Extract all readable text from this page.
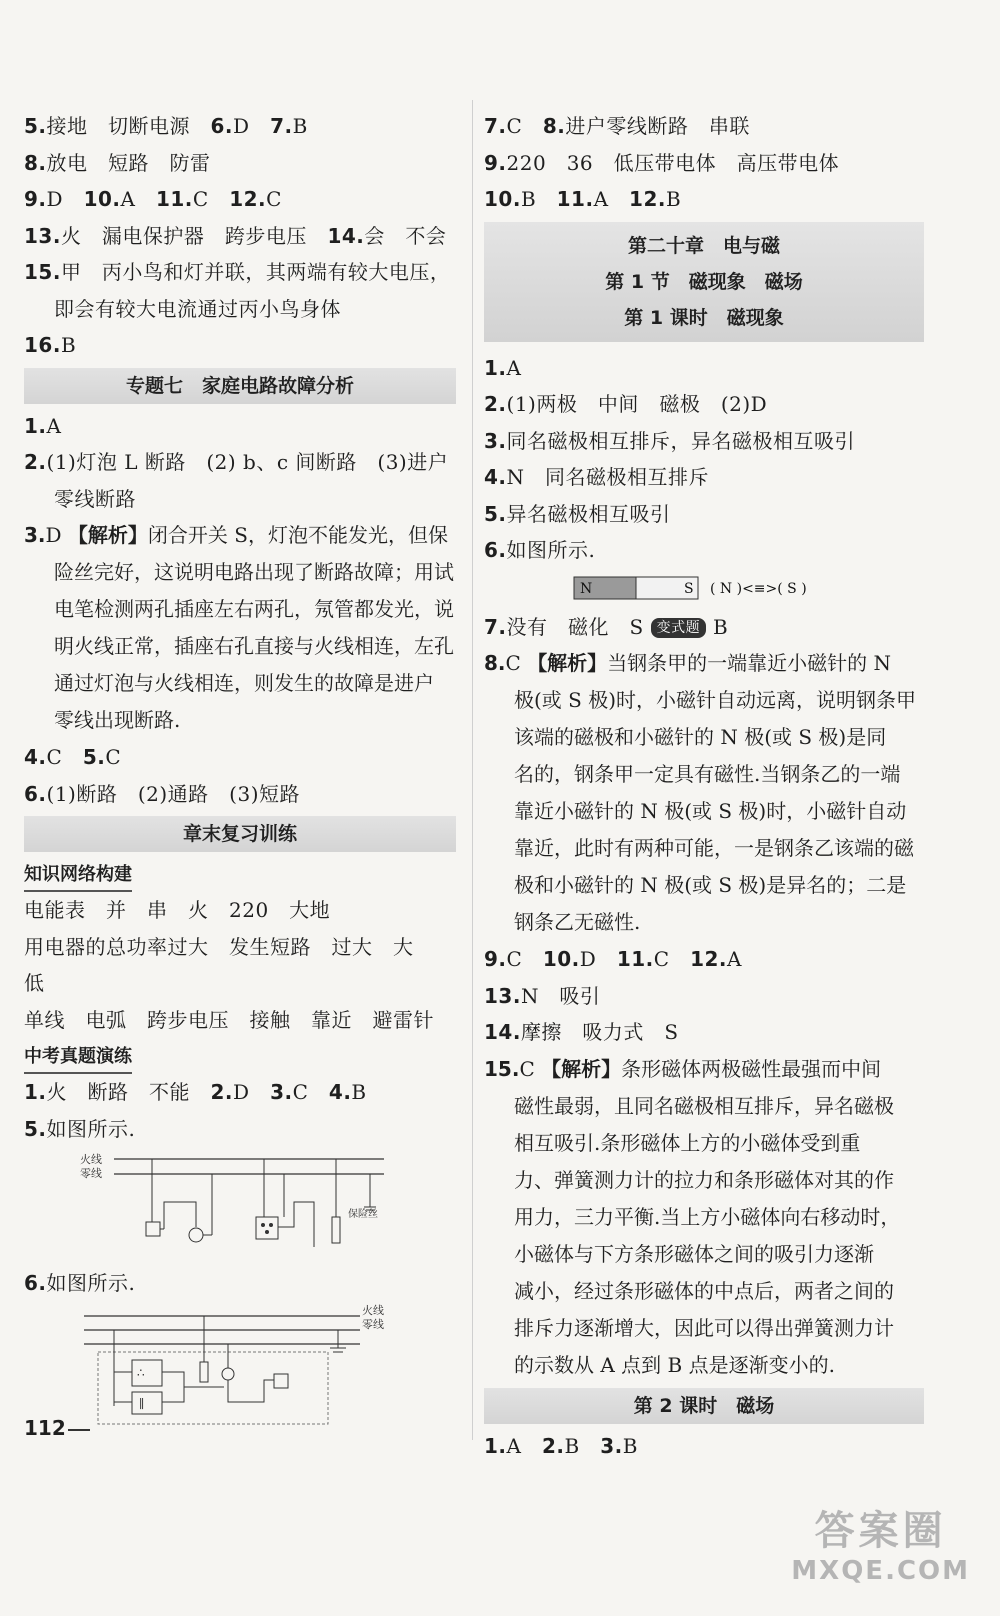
5.接地　切断电源　6.D　7.B
8.放电　短路　防雷
9.D　10.A　11.C　12.C
13.火　漏电保护器　跨步电压　14.会　不会
15.甲　丙小鸟和灯并联，其两端有较大电压，
即会有较大电流通过丙小鸟身体
16.B
专题七　家庭电路故障分析
1.A
2.(1)灯泡 L 断路　(2) b、c 间断路　(3)进户
零线断路
3.D 【解析】闭合开关 S，灯泡不能发光，但保
险丝完好，这说明电路出现了断路故障；用试
电笔检测两孔插座左右两孔，氖管都发光，说
明火线正常，插座右孔直接与火线相连，左孔
通过灯泡与火线相连，则发生的故障是进户
零线出现断路.
4.C　5.C
6.(1)断路　(2)通路　(3)短路
章末复习训练
知识网络构建
电能表　并　串　火　220　大地
用电器的总功率过大　发生短路　过大　大
低
单线　电弧　跨步电压　接触　靠近　避雷针
中考真题演练
1.火　断路　不能　2.D　3.C　4.B
5.如图所示.
火线
零线
保险丝
6.如图所示.
火线
零线
∴
∥
7.C　8.进户零线断路　串联
9.220　36　低压带电体　高压带电体
10.B　11.A　12.B
第二十章　电与磁
第 1 节　磁现象　磁场
第 1 课时　磁现象
1.A
2.(1)两极　中间　磁极　(2)D
3.同名磁极相互排斥，异名磁极相互吸引
4.N　同名磁极相互排斥
5.异名磁极相互吸引
6.如图所示.
N	S ( N )<≡>( S )
7.没有　磁化　S 变式题 B
8.C 【解析】当钢条甲的一端靠近小磁针的 N
极(或 S 极)时，小磁针自动远离，说明钢条甲
该端的磁极和小磁针的 N 极(或 S 极)是同
名的，钢条甲一定具有磁性.当钢条乙的一端
靠近小磁针的 N 极(或 S 极)时，小磁针自动
靠近，此时有两种可能，一是钢条乙该端的磁
极和小磁针的 N 极(或 S 极)是异名的；二是
钢条乙无磁性.
9.C　10.D　11.C　12.A
13.N　吸引
14.摩擦　吸力式　S
15.C 【解析】条形磁体两极磁性最强而中间
磁性最弱，且同名磁极相互排斥，异名磁极
相互吸引.条形磁体上方的小磁体受到重
力、弹簧测力计的拉力和条形磁体对其的作
用力，三力平衡.当上方小磁体向右移动时，
小磁体与下方条形磁体之间的吸引力逐渐
减小，经过条形磁体的中点后，两者之间的
排斥力逐渐增大，因此可以得出弹簧测力计
的示数从 A 点到 B 点是逐渐变小的.
第 2 课时　磁场
1.A　2.B　3.B
112
答案圈
MXQE.COM
